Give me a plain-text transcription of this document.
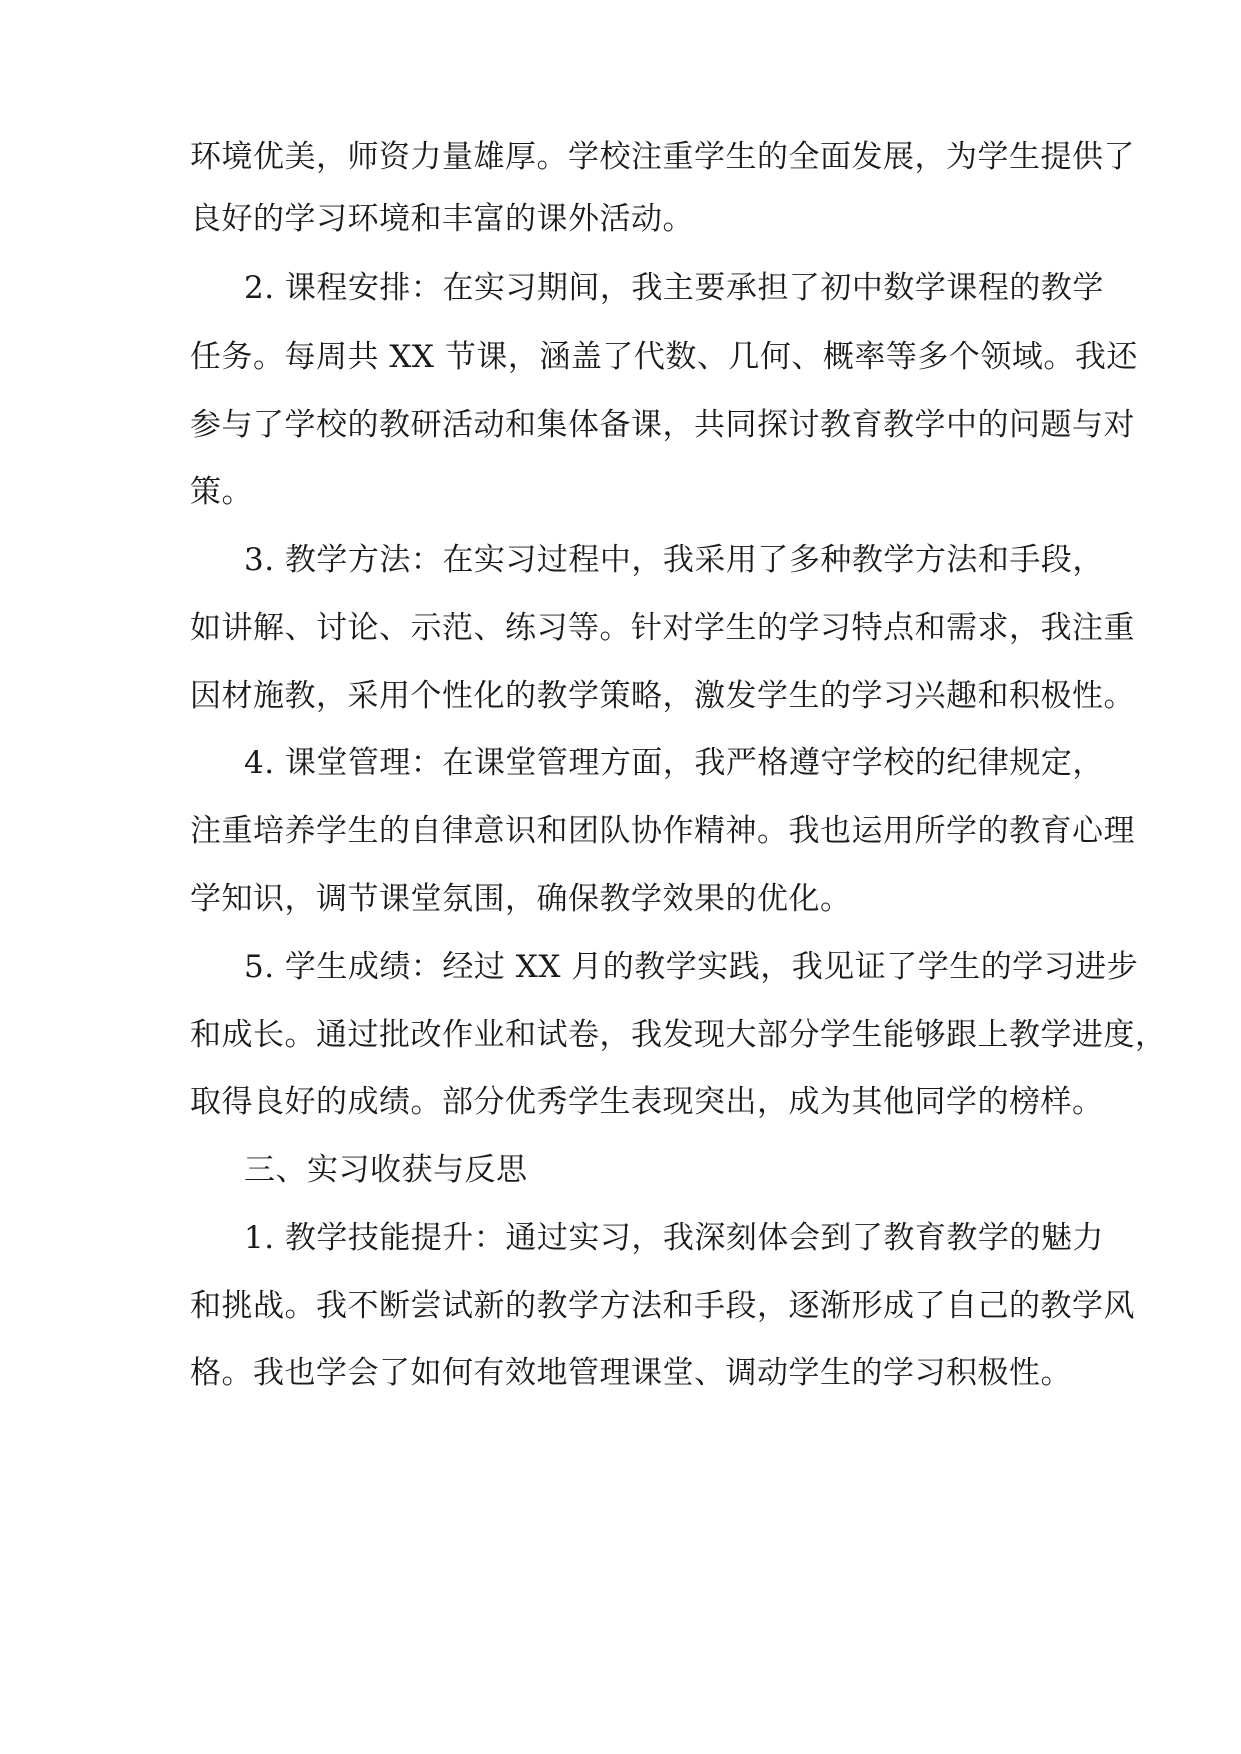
环境优美，师资力量雄厚。学校注重学生的全面发展，为学生提供了
良好的学习环境和丰富的课外活动。
2. 课程安排：在实习期间，我主要承担了初中数学课程的教学
任务。每周共 XX 节课，涵盖了代数、几何、概率等多个领域。我还
参与了学校的教研活动和集体备课，共同探讨教育教学中的问题与对
策。
3. 教学方法：在实习过程中，我采用了多种教学方法和手段，
如讲解、讨论、示范、练习等。针对学生的学习特点和需求，我注重
因材施教，采用个性化的教学策略，激发学生的学习兴趣和积极性。
4. 课堂管理：在课堂管理方面，我严格遵守学校的纪律规定，
注重培养学生的自律意识和团队协作精神。我也运用所学的教育心理
学知识，调节课堂氛围，确保教学效果的优化。
5. 学生成绩：经过 XX 月的教学实践，我见证了学生的学习进步
和成长。通过批改作业和试卷，我发现大部分学生能够跟上教学进度，
取得良好的成绩。部分优秀学生表现突出，成为其他同学的榜样。
三、实习收获与反思
1. 教学技能提升：通过实习，我深刻体会到了教育教学的魅力
和挑战。我不断尝试新的教学方法和手段，逐渐形成了自己的教学风
格。我也学会了如何有效地管理课堂、调动学生的学习积极性。
